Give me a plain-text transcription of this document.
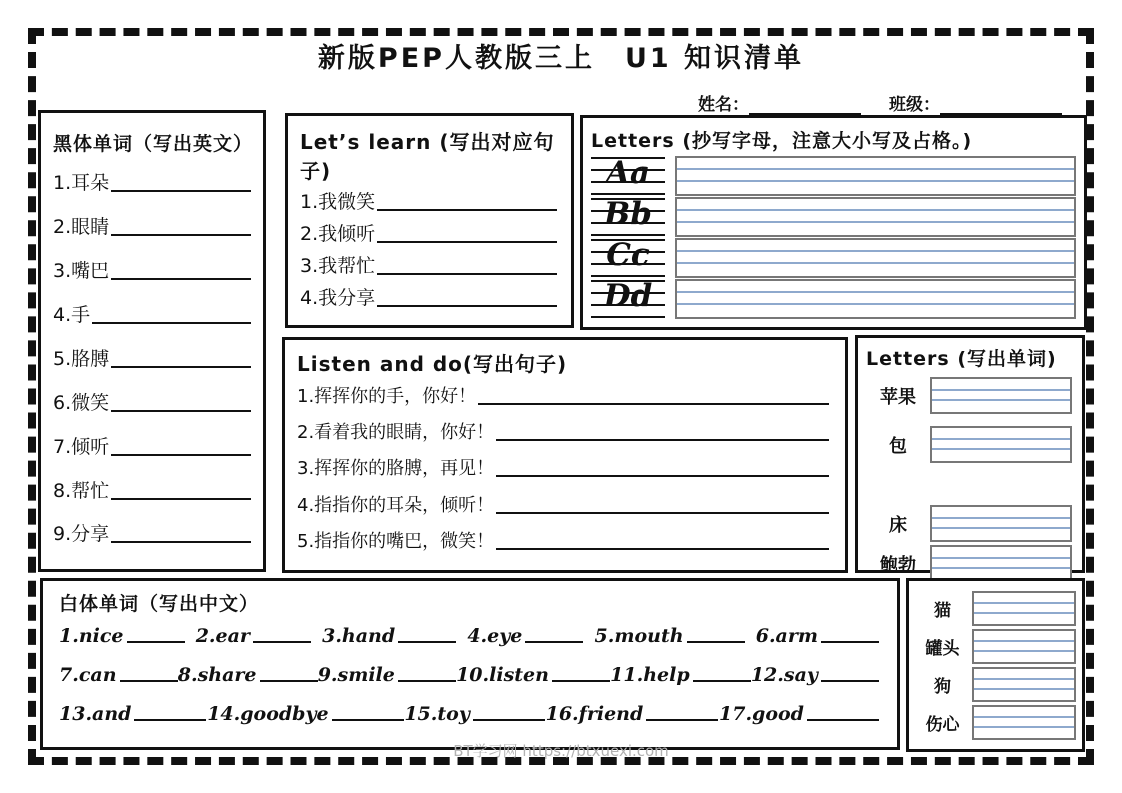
新版PEP人教版三上　U1 知识清单
姓名：	班级：
黑体单词（写出英文）
1.耳朵
2.眼睛
3.嘴巴
4.手
5.胳膊
6.微笑
7.倾听
8.帮忙
9.分享
Let’s learn (写出对应句子)
1.我微笑
2.我倾听
3.我帮忙
4.我分享
Letters (抄写字母，注意大小写及占格。)
Aa
Bb
Cc
Dd
Listen and do(写出句子)
1.挥挥你的手，你好！
2.看着我的眼睛，你好！
3.挥挥你的胳膊，再见！
4.指指你的耳朵，倾听！
5.指指你的嘴巴，微笑！
Letters (写出单词)
苹果
包
床
鲍勃
白体单词（写出中文）
1.nice	2.ear	3.hand	4.eye	5.mouth	6.arm
7.can	8.share	9.smile	10.listen	11.help	12.say
13.and	14.goodbye	15.toy	16.friend	17.good
猫
罐头
狗
伤心
BT学习网 https://btxuexi.com
